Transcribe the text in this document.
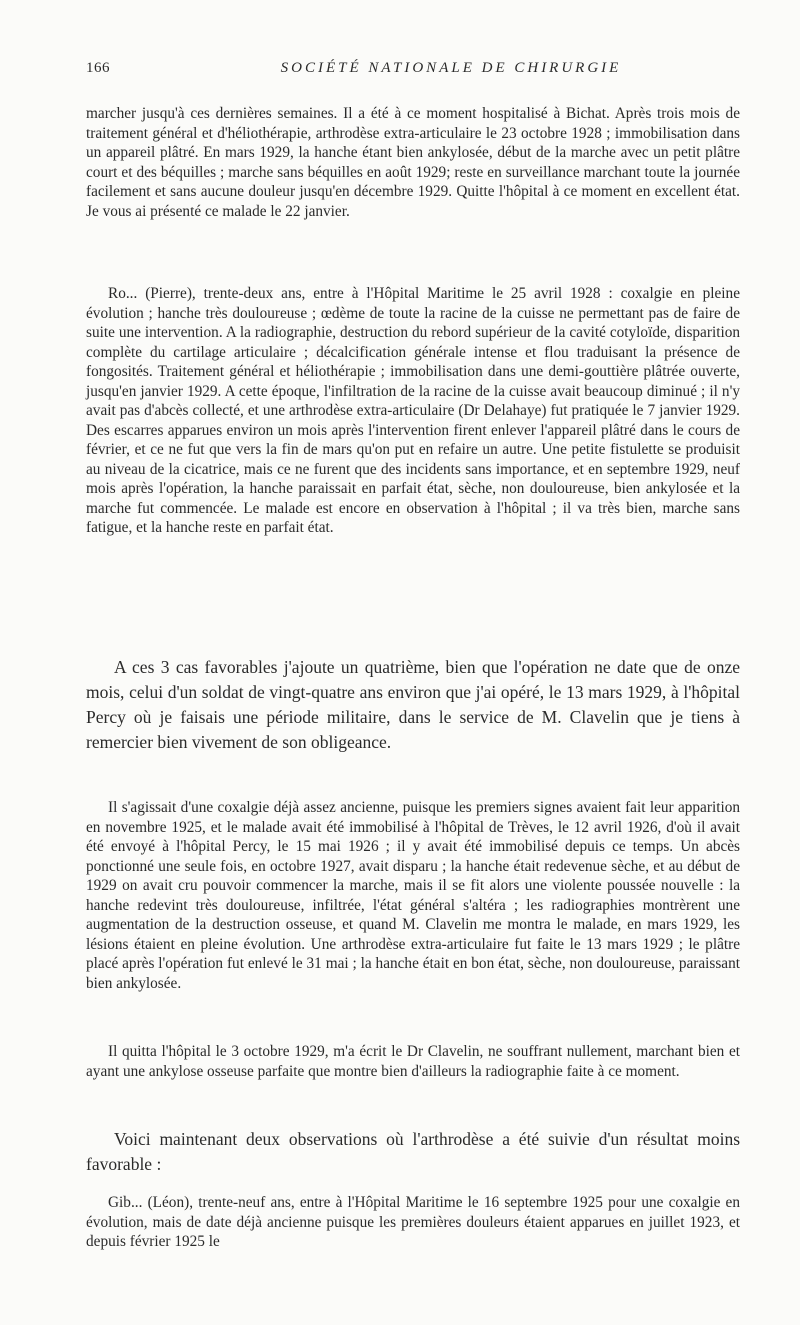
166	SOCIÉTÉ NATIONALE DE CHIRURGIE

marcher jusqu'à ces dernières semaines. Il a été à ce moment hospitalisé à Bichat. Après trois mois de traitement général et d'héliothérapie, arthrodèse extra-articulaire le 23 octobre 1928 ; immobilisation dans un appareil plâtré. En mars 1929, la hanche étant bien ankylosée, début de la marche avec un petit plâtre court et des béquilles ; marche sans béquilles en août 1929; reste en surveillance marchant toute la journée facilement et sans aucune douleur jusqu'en décembre 1929. Quitte l'hôpital à ce moment en excellent état. Je vous ai présenté ce malade le 22 janvier.

Ro... (Pierre), trente-deux ans, entre à l'Hôpital Maritime le 25 avril 1928 : coxalgie en pleine évolution ; hanche très douloureuse ; œdème de toute la racine de la cuisse ne permettant pas de faire de suite une intervention. A la radiographie, destruction du rebord supérieur de la cavité cotyloïde, disparition complète du cartilage articulaire ; décalcification générale intense et flou traduisant la présence de fongosités. Traitement général et héliothérapie ; immobilisation dans une demi-gouttière plâtrée ouverte, jusqu'en janvier 1929. A cette époque, l'infiltration de la racine de la cuisse avait beaucoup diminué ; il n'y avait pas d'abcès collecté, et une arthrodèse extra-articulaire (Dr Delahaye) fut pratiquée le 7 janvier 1929. Des escarres apparues environ un mois après l'intervention firent enlever l'appareil plâtré dans le cours de février, et ce ne fut que vers la fin de mars qu'on put en refaire un autre. Une petite fistulette se produisit au niveau de la cicatrice, mais ce ne furent que des incidents sans importance, et en septembre 1929, neuf mois après l'opération, la hanche paraissait en parfait état, sèche, non douloureuse, bien ankylosée et la marche fut commencée. Le malade est encore en observation à l'hôpital ; il va très bien, marche sans fatigue, et la hanche reste en parfait état.

A ces 3 cas favorables j'ajoute un quatrième, bien que l'opération ne date que de onze mois, celui d'un soldat de vingt-quatre ans environ que j'ai opéré, le 13 mars 1929, à l'hôpital Percy où je faisais une période militaire, dans le service de M. Clavelin que je tiens à remercier bien vivement de son obligeance.

Il s'agissait d'une coxalgie déjà assez ancienne, puisque les premiers signes avaient fait leur apparition en novembre 1925, et le malade avait été immobilisé à l'hôpital de Trèves, le 12 avril 1926, d'où il avait été envoyé à l'hôpital Percy, le 15 mai 1926 ; il y avait été immobilisé depuis ce temps. Un abcès ponctionné une seule fois, en octobre 1927, avait disparu ; la hanche était redevenue sèche, et au début de 1929 on avait cru pouvoir commencer la marche, mais il se fit alors une violente poussée nouvelle : la hanche redevint très douloureuse, infiltrée, l'état général s'altéra ; les radiographies montrèrent une augmentation de la destruction osseuse, et quand M. Clavelin me montra le malade, en mars 1929, les lésions étaient en pleine évolution. Une arthrodèse extra-articulaire fut faite le 13 mars 1929 ; le plâtre placé après l'opération fut enlevé le 31 mai ; la hanche était en bon état, sèche, non douloureuse, paraissant bien ankylosée.

Il quitta l'hôpital le 3 octobre 1929, m'a écrit le Dr Clavelin, ne souffrant nullement, marchant bien et ayant une ankylose osseuse parfaite que montre bien d'ailleurs la radiographie faite à ce moment.

Voici maintenant deux observations où l'arthrodèse a été suivie d'un résultat moins favorable :

Gib... (Léon), trente-neuf ans, entre à l'Hôpital Maritime le 16 septembre 1925 pour une coxalgie en évolution, mais de date déjà ancienne puisque les premières douleurs étaient apparues en juillet 1923, et depuis février 1925 le
